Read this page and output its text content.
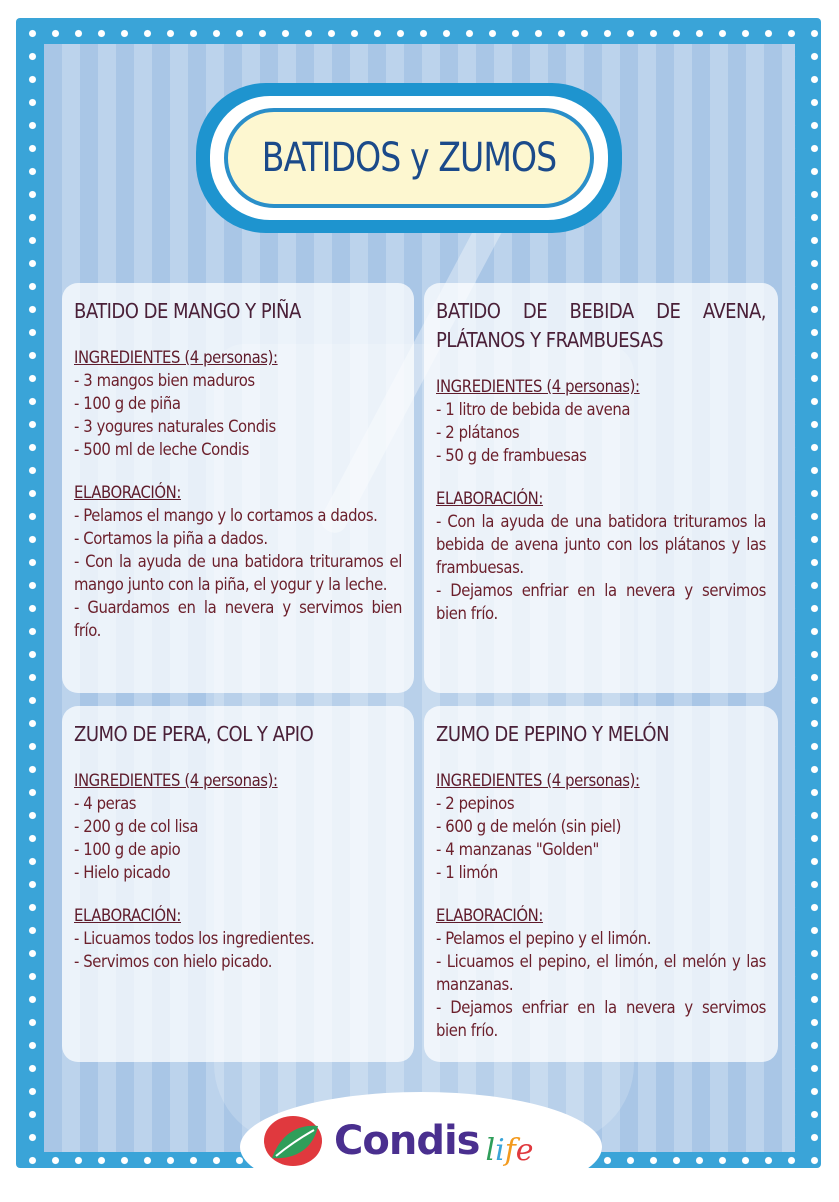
BATIDOS y ZUMOS
BATIDO DE MANGO Y PIÑA
INGREDIENTES (4 personas):
- 3 mangos bien maduros
- 100 g de piña
- 3 yogures naturales Condis
- 500 ml de leche Condis
ELABORACIÓN:
- Pelamos el mango y lo cortamos a dados.
- Cortamos la piña a dados.
- Con la ayuda de una batidora trituramos el mango junto con la piña, el yogur y la leche.
- Guardamos en la nevera y servimos bien frío.
BATIDO DE BEBIDA DE AVENA, PLÁTANOS Y FRAMBUESAS
INGREDIENTES (4 personas):
- 1 litro de bebida de avena
- 2 plátanos
- 50 g de frambuesas
ELABORACIÓN:
- Con la ayuda de una batidora trituramos la bebida de avena junto con los plátanos y las frambuesas.
- Dejamos enfriar en la nevera y servimos bien frío.
ZUMO DE PERA, COL Y APIO
INGREDIENTES (4 personas):
- 4 peras
- 200 g de col lisa
- 100 g de apio
- Hielo picado
ELABORACIÓN:
- Licuamos todos los ingredientes.
- Servimos con hielo picado.
ZUMO DE PEPINO Y MELÓN
INGREDIENTES (4 personas):
- 2 pepinos
- 600 g de melón (sin piel)
- 4 manzanas "Golden"
- 1 limón
ELABORACIÓN:
- Pelamos el pepino y el limón.
- Licuamos el pepino, el limón, el melón y las manzanas.
- Dejamos enfriar en la nevera y servimos bien frío.
Condis life
